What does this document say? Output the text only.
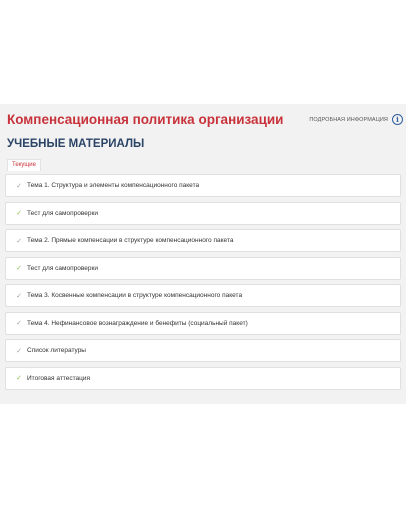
Компенсационная политика организации	ПОДРОБНАЯ ИНФОРМАЦИЯ	i
УЧЕБНЫЕ МАТЕРИАЛЫ
Текущие
✓ Тема 1. Структура и элементы компенсационного пакета
✓ Тест для самопроверки
✓ Тема 2. Прямые компенсации в структуре компенсационного пакета
✓ Тест для самопроверки
✓ Тема 3. Косвенные компенсации в структуре компенсационного пакета
✓ Тема 4. Нефинансовое вознаграждение и бенефиты (социальный пакет)
✓ Список литературы
✓ Итоговая аттестация
